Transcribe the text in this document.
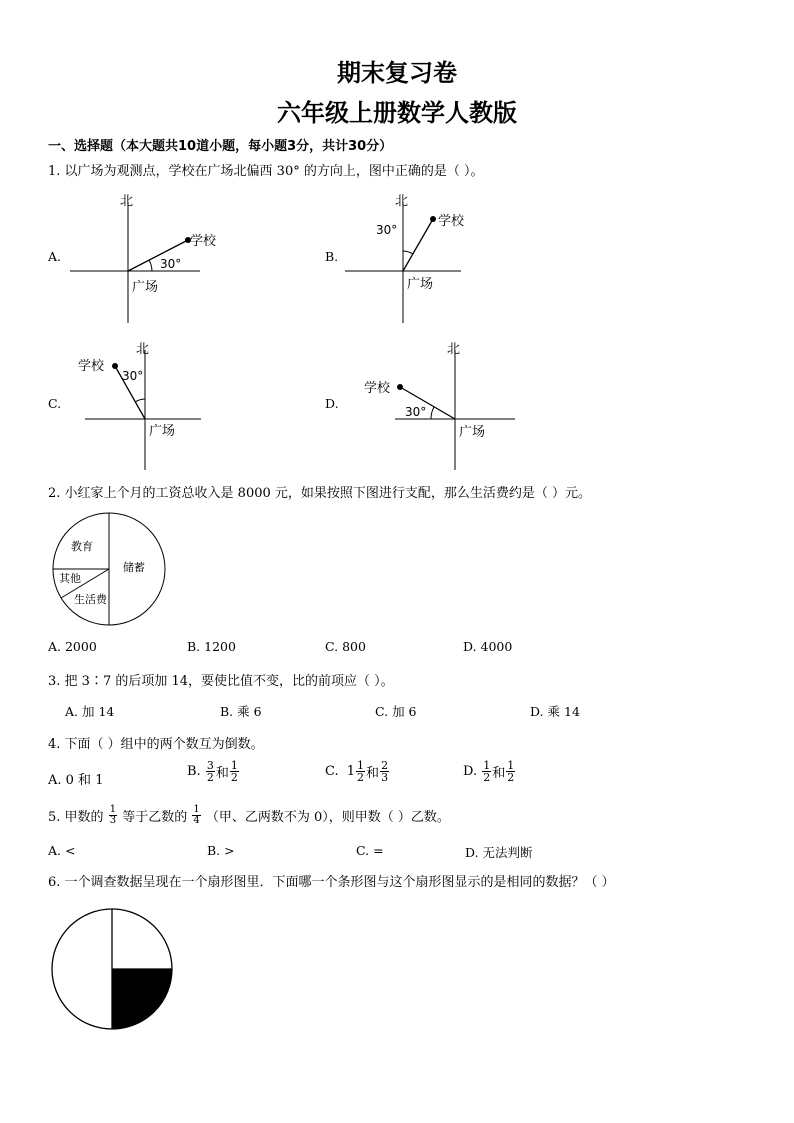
期末复习卷
六年级上册数学人教版
一、选择题（本大题共10道小题，每小题3分，共计30分）
1. 以广场为观测点，学校在广场北偏西 30° 的方向上，图中正确的是（ ）。
A.	B.
C.	D.
北
学校
30°
广场
北
学校
30°
广场
北
学校
30°
广场
北
学校
30°
广场
2. 小红家上个月的工资总收入是 8000 元，如果按照下图进行支配，那么生活费约是（ ）元。
教育
储蓄
其他
生活费
A. 2000	B. 1200	C. 800	D. 4000
3. 把 3∶7 的后项加 14，要使比值不变，比的前项应（ ）。
A. 加 14	B. 乘 6	C. 加 6	D. 乘 14
4. 下面（ ）组中的两个数互为倒数。
A. 0 和 1
B. $\frac{3}{2}$ 和 $\frac{1}{2}$	C. $1 \frac{1}{2}$ 和 $\frac{2}{3}$	D. $\frac{1}{2}$ 和 $\frac{1}{2}$
5. 甲数的 $\frac{1}{3}$ 等于乙数的 $\frac{1}{4}$ （甲、乙两数不为 0），则甲数（ ）乙数。
A. <	B. >	C. =	D. 无法判断
6. 一个调查数据呈现在一个扇形图里．下面哪一个条形图与这个扇形图显示的是相同的数据？（ ）
